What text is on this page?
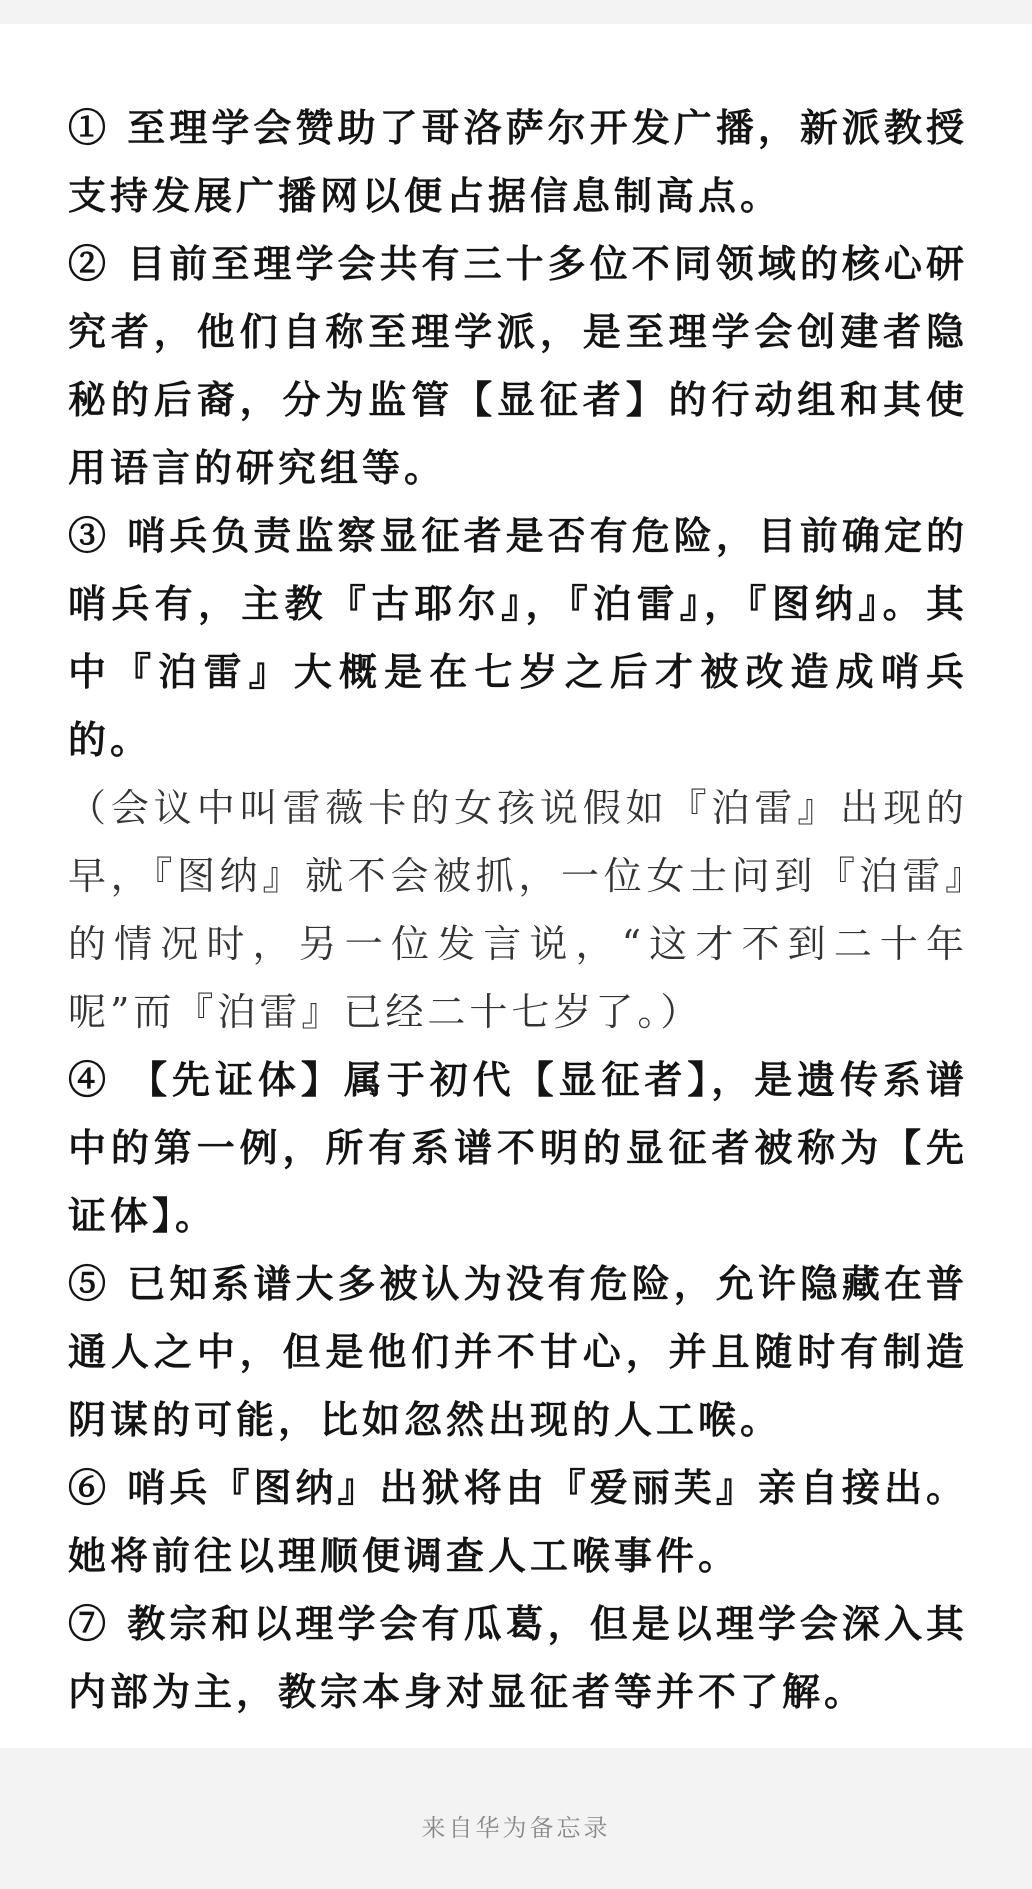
① 至理学会赞助了哥洛萨尔开发广播，新派教授支持发展广播网以便占据信息制高点。

② 目前至理学会共有三十多位不同领域的核心研究者，他们自称至理学派，是至理学会创建者隐秘的后裔，分为监管【显征者】的行动组和其使用语言的研究组等。

③ 哨兵负责监察显征者是否有危险，目前确定的哨兵有，主教『古耶尔』，『泊雷』，『图纳』。其中『泊雷』大概是在七岁之后才被改造成哨兵的。

（会议中叫雷薇卡的女孩说假如『泊雷』出现的早，『图纳』就不会被抓，一位女士问到『泊雷』的情况时，另一位发言说，“这才不到二十年呢”而『泊雷』已经二十七岁了。）

④ 【先证体】属于初代【显征者】，是遗传系谱中的第一例，所有系谱不明的显征者被称为【先证体】。

⑤ 已知系谱大多被认为没有危险，允许隐藏在普通人之中，但是他们并不甘心，并且随时有制造阴谋的可能，比如忽然出现的人工喉。

⑥ 哨兵『图纳』出狱将由『爱丽芙』亲自接出。她将前往以理顺便调查人工喉事件。

⑦ 教宗和以理学会有瓜葛，但是以理学会深入其内部为主，教宗本身对显征者等并不了解。

来自华为备忘录
